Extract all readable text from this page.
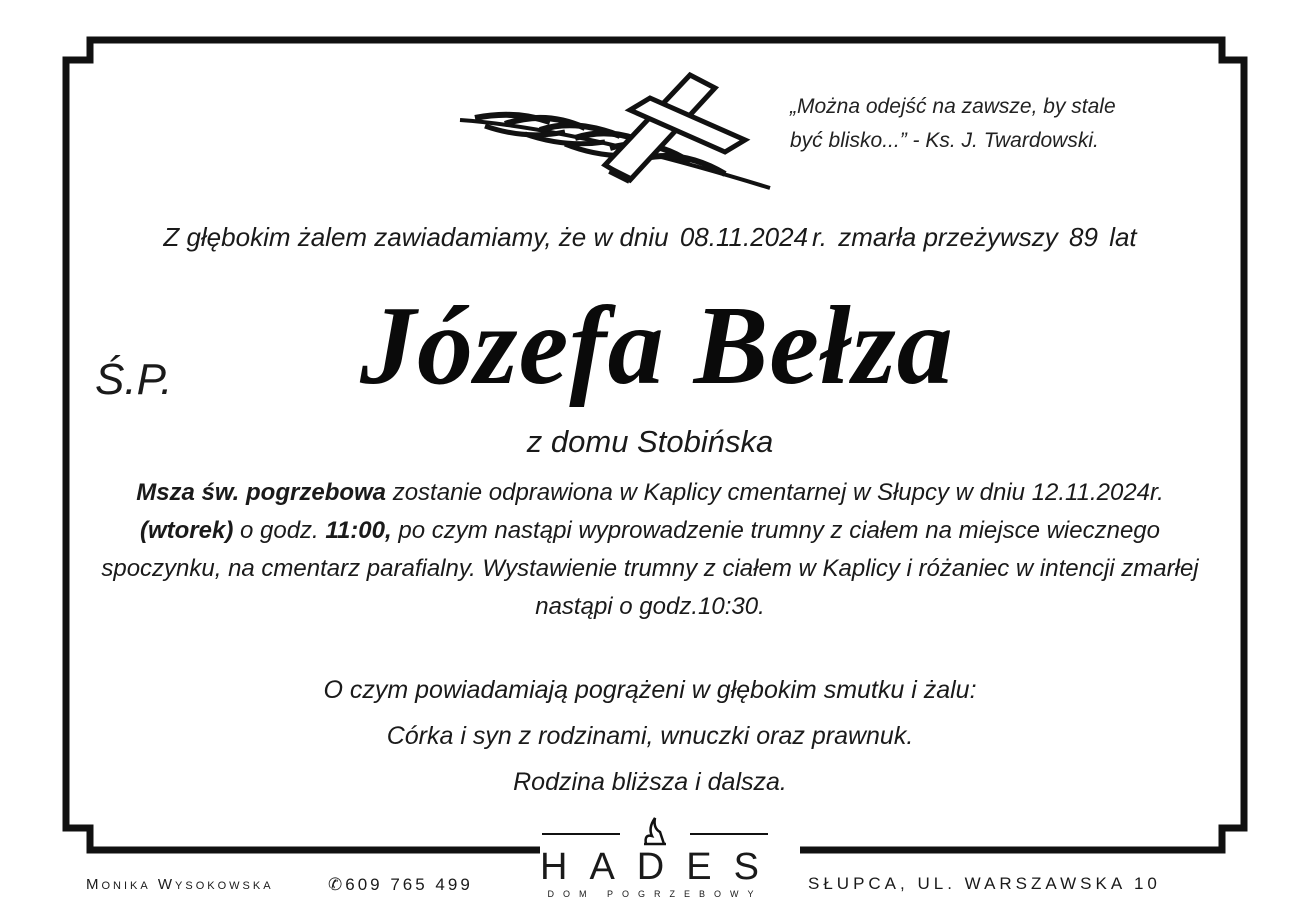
„Można odejść na zawsze, by stale
być blisko...” - Ks. J. Twardowski.
Z głębokim żalem zawiadamiamy, że w dniu 08.11.2024 r. zmarła przeżywszy 89 lat
Ś.P. Józefa Bełza
z domu Stobińska
Msza św. pogrzebowa zostanie odprawiona w Kaplicy cmentarnej w Słupcy w dniu 12.11.2024r. (wtorek) o godz. 11:00, po czym nastąpi wyprowadzenie trumny z ciałem na miejsce wiecznego spoczynku, na cmentarz parafialny. Wystawienie trumny z ciałem w Kaplicy i różaniec w intencji zmarłej nastąpi o godz.10:30.
O czym powiadamiają pogrążeni w głębokim smutku i żalu:
Córka i syn z rodzinami, wnuczki oraz prawnuk.
Rodzina bliższa i dalsza.
Monika Wysokowska	✆609 765 499 HADES
DOM POGRZEBOWY
SŁUPCA, UL. WARSZAWSKA 10
